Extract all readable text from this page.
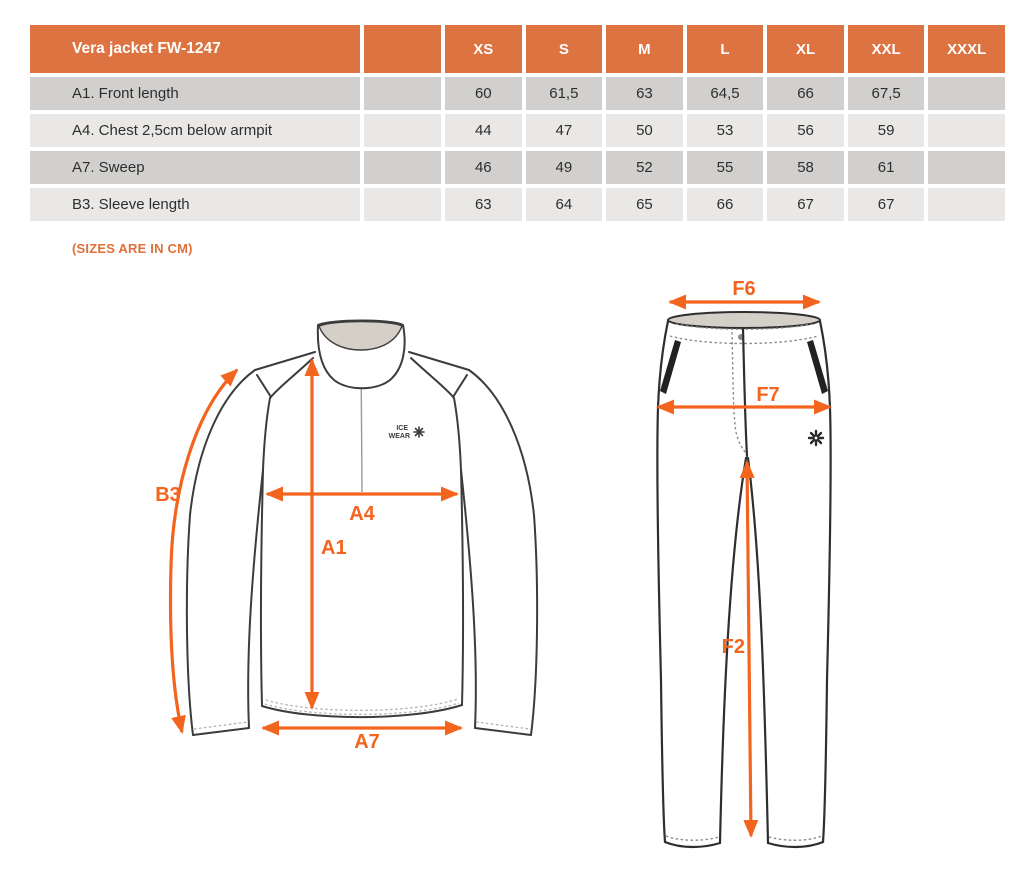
Vera jacket FW-1247	XS	S	M	L	XL	XXL	XXXL
A1. Front length	60	61,5	63	64,5	66	67,5
A4. Chest 2,5cm below armpit	44	47	50	53	56	59
A7. Sweep	46	49	52	55	58	61
B3. Sleeve length	63	64	65	66	67	67
(SIZES ARE IN CM)
ICE
WEAR
A1
A4
A7
B3
F6
F7
F2
